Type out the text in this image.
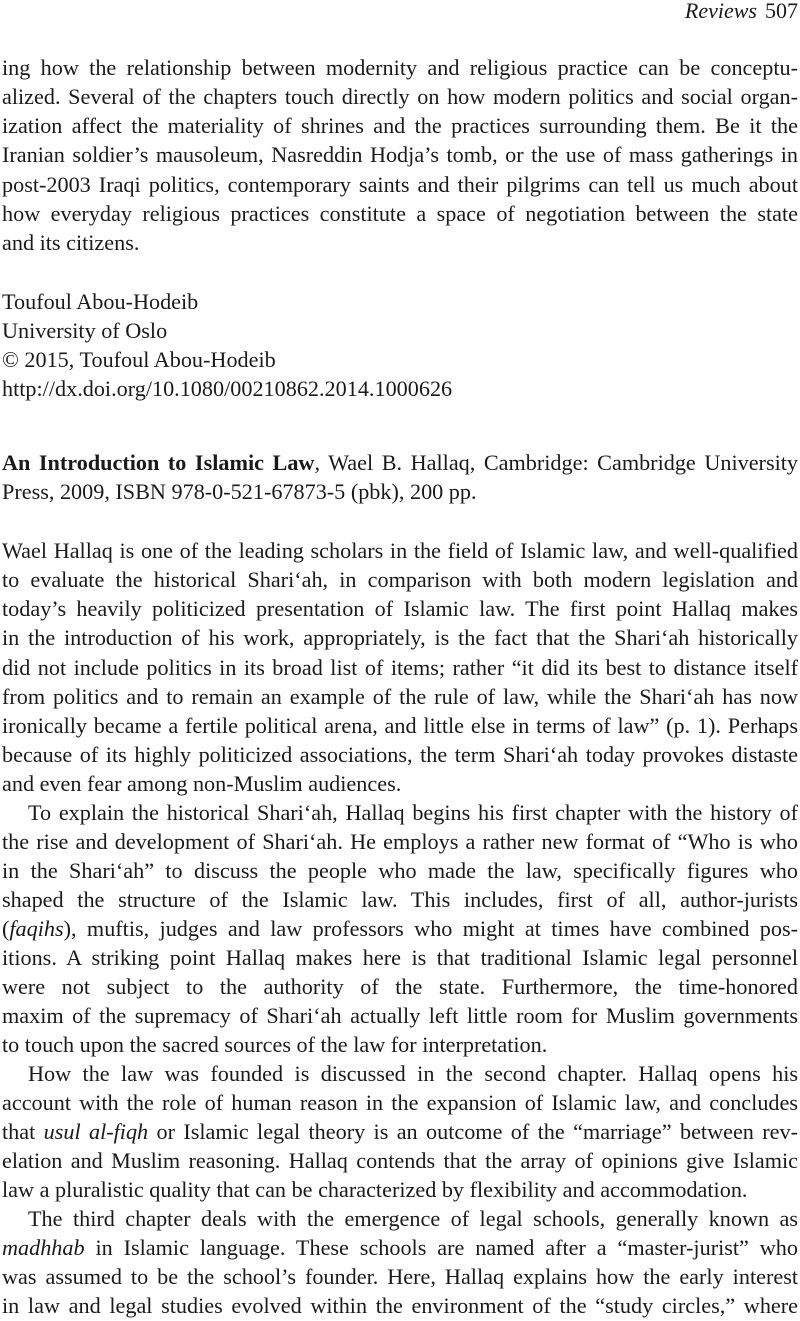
Reviews 507
ing how the relationship between modernity and religious practice can be conceptu-
alized. Several of the chapters touch directly on how modern politics and social organ-
ization affect the materiality of shrines and the practices surrounding them. Be it the
Iranian soldier’s mausoleum, Nasreddin Hodja’s tomb, or the use of mass gatherings in
post-2003 Iraqi politics, contemporary saints and their pilgrims can tell us much about
how everyday religious practices constitute a space of negotiation between the state
and its citizens.
Toufoul Abou-Hodeib
University of Oslo
© 2015, Toufoul Abou-Hodeib
http://dx.doi.org/10.1080/00210862.2014.1000626
An Introduction to Islamic Law, Wael B. Hallaq, Cambridge: Cambridge University
Press, 2009, ISBN 978-0-521-67873-5 (pbk), 200 pp.
Wael Hallaq is one of the leading scholars in the field of Islamic law, and well-qualified
to evaluate the historical Shari‘ah, in comparison with both modern legislation and
today’s heavily politicized presentation of Islamic law. The first point Hallaq makes
in the introduction of his work, appropriately, is the fact that the Shari‘ah historically
did not include politics in its broad list of items; rather “it did its best to distance itself
from politics and to remain an example of the rule of law, while the Shari‘ah has now
ironically became a fertile political arena, and little else in terms of law” (p. 1). Perhaps
because of its highly politicized associations, the term Shari‘ah today provokes distaste
and even fear among non-Muslim audiences.
To explain the historical Shari‘ah, Hallaq begins his first chapter with the history of
the rise and development of Shari‘ah. He employs a rather new format of “Who is who
in the Shari‘ah” to discuss the people who made the law, specifically figures who
shaped the structure of the Islamic law. This includes, first of all, author-jurists
(faqihs), muftis, judges and law professors who might at times have combined pos-
itions. A striking point Hallaq makes here is that traditional Islamic legal personnel
were not subject to the authority of the state. Furthermore, the time-honored
maxim of the supremacy of Shari‘ah actually left little room for Muslim governments
to touch upon the sacred sources of the law for interpretation.
How the law was founded is discussed in the second chapter. Hallaq opens his
account with the role of human reason in the expansion of Islamic law, and concludes
that usul al-fiqh or Islamic legal theory is an outcome of the “marriage” between rev-
elation and Muslim reasoning. Hallaq contends that the array of opinions give Islamic
law a pluralistic quality that can be characterized by flexibility and accommodation.
The third chapter deals with the emergence of legal schools, generally known as
madhhab in Islamic language. These schools are named after a “master-jurist” who
was assumed to be the school’s founder. Here, Hallaq explains how the early interest
in law and legal studies evolved within the environment of the “study circles,” where
